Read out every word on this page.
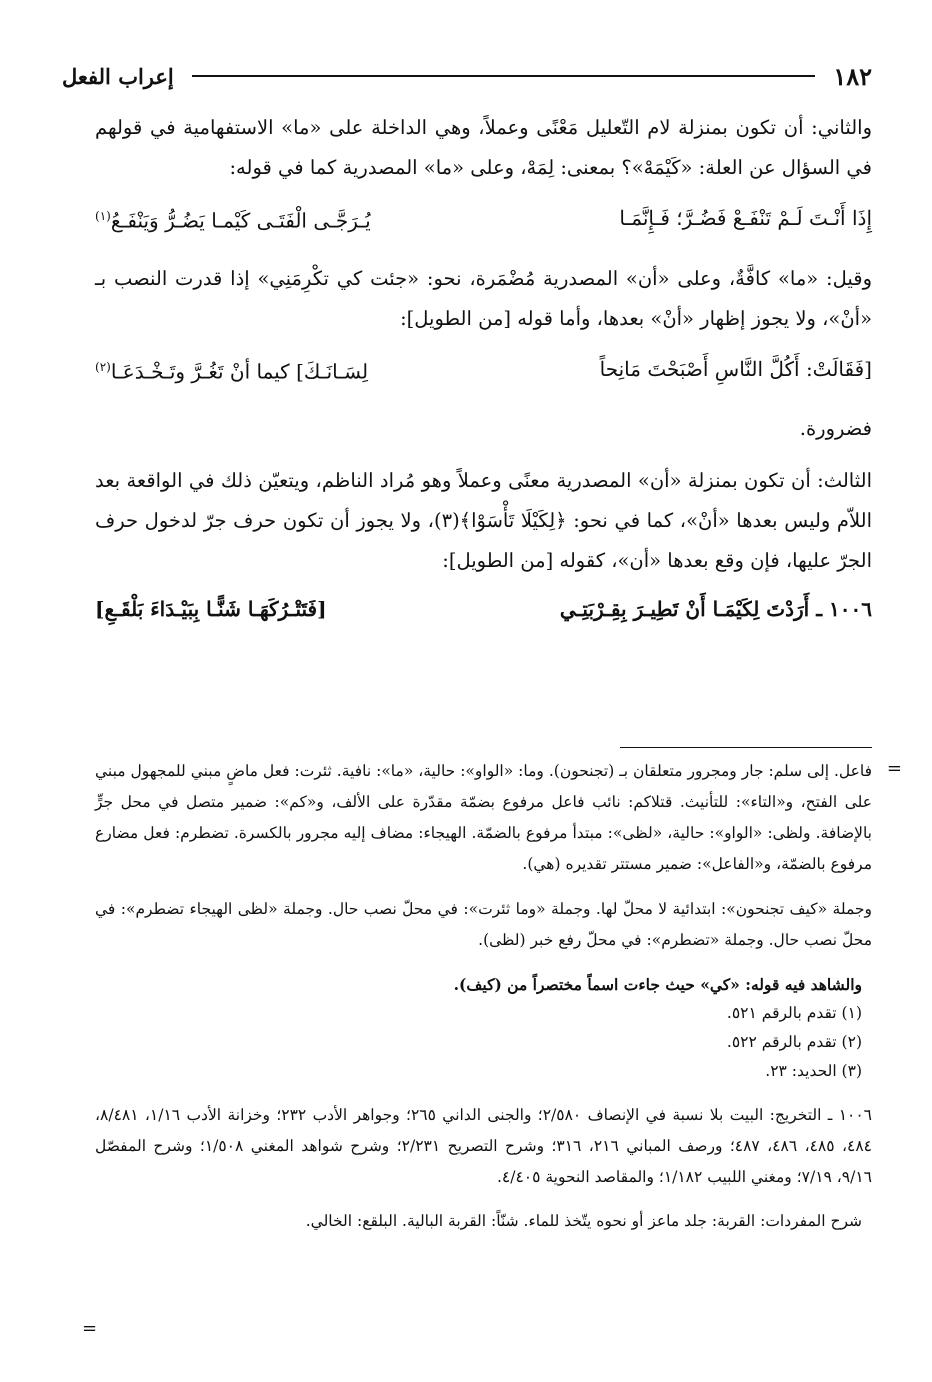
١٨٢
إعراب الفعل

والثاني: أن تكون بمنزلة لام التّعليل مَعْنًى وعملاً، وهي الداخلة على «ما» الاستفهامية في قولهم في السؤال عن العلة: «كَيْمَهْ»؟ بمعنى: لِمَهْ، وعلى «ما» المصدرية كما في قوله:

إِذَا أَنْـتَ لَـمْ تَنْفَـعْ فَضُـرَّ؛ فَـإِنَّمَـا
يُـرَجَّـى الْفَتَـى كَيْمـا يَضُـرُّ وَيَنْفَـعُ$^{(١)}$

وقيل: «ما» كافَّةٌ، وعلى «أن» المصدرية مُضْمَرة، نحو: «جئت كي تكْرِمَنِي» إذا قدرت النصب بـ «أنْ»، ولا يجوز إظهار «أنْ» بعدها، وأما قوله [من الطويل]:

[فَقَالَتْ: أَكُلَّ النَّاسِ أَصْبَحْتَ مَانِحاً
لِسَـانَـكَ] كيما أنْ تَغُـرَّ وتَـخْـدَعَـا$^{(٢)}$

فضرورة.

الثالث: أن تكون بمنزلة «أن» المصدرية معنًى وعملاً وهو مُراد الناظم، ويتعيّن ذلك في الواقعة بعد اللاّم وليس بعدها «أنْ»، كما في نحو: ﴿لِكَيْلَا تَأْسَوْا﴾(٣)، ولا يجوز أن تكون حرف جرّ لدخول حرف الجرّ عليها، فإن وقع بعدها «أن»، كقوله [من الطويل]:

١٠٠٦ ـ أَرَدْتَ لِكَيْمَـا أَنْ تَطِيـرَ بِقِـرْبَتِـي
[فَتَتْـرُكَهَـا شَنًّـا بِبَيْـدَاءَ بَلْقَـعِ]
=

فاعل. إلى سلم: جار ومجرور متعلقان بـ (تجنحون). وما: «الواو»: حالية، «ما»: نافية. ثئرت: فعل ماضٍ مبني للمجهول مبني على الفتح، و«التاء»: للتأنيث. قتلاكم: نائب فاعل مرفوع بضمّة مقدّرة على الألف، و«كم»: ضمير متصل في محل جرٍّ بالإضافة. ولظى: «الواو»: حالية، «لظى»: مبتدأ مرفوع بالضمّة. الهيجاء: مضاف إليه مجرور بالكسرة. تضطرم: فعل مضارع مرفوع بالضمّة، و«الفاعل»: ضمير مستتر تقديره (هي).

وجملة «كيف تجنحون»: ابتدائية لا محلّ لها. وجملة «وما ثئرت»: في محلّ نصب حال. وجملة «لظى الهيجاء تضطرم»: في محلّ نصب حال. وجملة «تضطرم»: في محلّ رفع خبر (لظى).

والشاهد فيه قوله: «كي» حيث جاءت اسماً مختصراً من (كيف).

(١) تقدم بالرقم ٥٢١.

(٢) تقدم بالرقم ٥٢٢.

(٣) الحديد: ٢٣.

١٠٠٦ ـ التخريج: البيت بلا نسبة في الإنصاف ٢/٥٨٠؛ والجنى الداني ٢٦٥؛ وجواهر الأدب ٢٣٢؛ وخزانة الأدب ١/١٦، ٨/٤٨١، ٤٨٤، ٤٨٥، ٤٨٦، ٤٨٧؛ ورصف المباني ٢١٦، ٣١٦؛ وشرح التصريح ٢/٢٣١؛ وشرح شواهد المغني ١/٥٠٨؛ وشرح المفصّل ٩/١٦، ٧/١٩؛ ومغني اللبيب ١/١٨٢؛ والمقاصد النحوية ٤/٤٠٥.

شرح المفردات: القربة: جلد ماعز أو نحوه يتّخذ للماء. شنّاً: القربة البالية. البلقع: الخالي.

=
